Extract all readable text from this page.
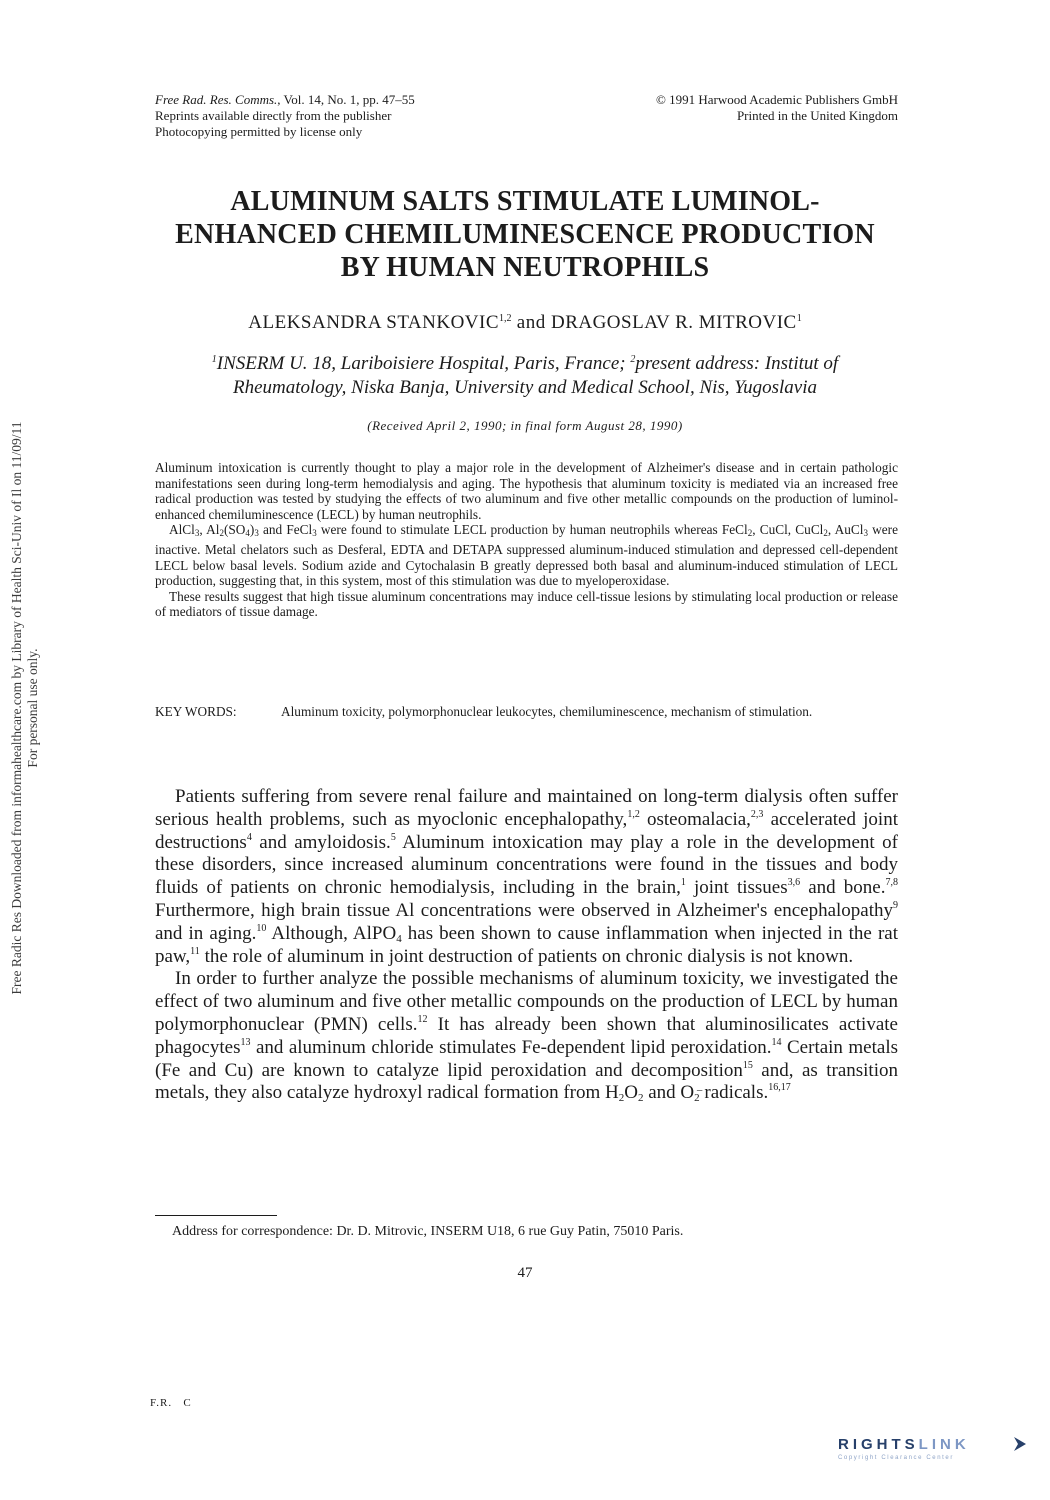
Free Rad. Res. Comms., Vol. 14, No. 1, pp. 47–55
Reprints available directly from the publisher
Photocopying permitted by license only
© 1991 Harwood Academic Publishers GmbH
Printed in the United Kingdom
ALUMINUM SALTS STIMULATE LUMINOL-
ENHANCED CHEMILUMINESCENCE PRODUCTION
BY HUMAN NEUTROPHILS
ALEKSANDRA STANKOVIC$^{1,2}$ and DRAGOSLAV R. MITROVIC$^1$
$^1$INSERM U. 18, Lariboisiere Hospital, Paris, France; $^2$present address: Institut of
Rheumatology, Niska Banja, University and Medical School, Nis, Yugoslavia
(Received April 2, 1990; in final form August 28, 1990)

Aluminum intoxication is currently thought to play a major role in the development of Alzheimer's disease and in certain pathologic manifestations seen during long-term hemodialysis and aging. The hypothesis that aluminum toxicity is mediated via an increased free radical production was tested by studying the effects of two aluminum and five other metallic compounds on the production of luminol-enhanced chemiluminescence (LECL) by human neutrophils.

AlCl$_3$, $Al_2(SO_4)_3$ and FeCl$_3$ were found to stimulate LECL production by human neutrophils whereas FeCl$_2$, CuCl, CuCl$_2$, AuCl$_3$ were inactive. Metal chelators such as Desferal, EDTA and DETAPA suppressed aluminum-induced stimulation and depressed cell-dependent LECL below basal levels. Sodium azide and Cytochalasin B greatly depressed both basal and aluminum-induced stimulation of LECL production, suggesting that, in this system, most of this stimulation was due to myeloperoxidase.

These results suggest that high tissue aluminum concentrations may induce cell-tissue lesions by stimulating local production or release of mediators of tissue damage.

KEY WORDS:	Aluminum toxicity, polymorphonuclear leukocytes, chemiluminescence, mechanism of stimulation.

Patients suffering from severe renal failure and maintained on long-term dialysis often suffer serious health problems, such as myoclonic encephalopathy,$^{1,2}$ osteomalacia,$^{2,3}$ accelerated joint destructions$^4$ and amyloidosis.$^5$ Aluminum intoxication may play a role in the development of these disorders, since increased aluminum concentrations were found in the tissues and body fluids of patients on chronic hemodialysis, including in the brain,$^1$ joint tissues$^{3,6}$ and bone.$^{7,8}$ Furthermore, high brain tissue Al concentrations were observed in Alzheimer's encephalopathy$^9$ and in aging.$^{10}$ Although, AlPO$_4$ has been shown to cause inflammation when injected in the rat paw,$^{11}$ the role of aluminum in joint destruction of patients on chronic dialysis is not known.

In order to further analyze the possible mechanisms of aluminum toxicity, we investigated the effect of two aluminum and five other metallic compounds on the production of LECL by human polymorphonuclear (PMN) cells.$^{12}$ It has already been shown that aluminosilicates activate phagocytes$^{13}$ and aluminum chloride stimulates Fe-dependent lipid peroxidation.$^{14}$ Certain metals (Fe and Cu) are known to catalyze lipid peroxidation and decomposition$^{15}$ and, as transition metals, they also catalyze hydroxyl radical formation from $H_2O_2$ and $O_2$ radicals.$^{16,17}$

Address for correspondence: Dr. D. Mitrovic, INSERM U18, 6 rue Guy Patin, 75010 Paris.
47
F.R.   C
Free Radic Res Downloaded from informahealthcare.com by Library of Health Sci-Univ of Il on 11/09/11 For personal use only.
RIGHTSLINK
Copyright Clearance Center
